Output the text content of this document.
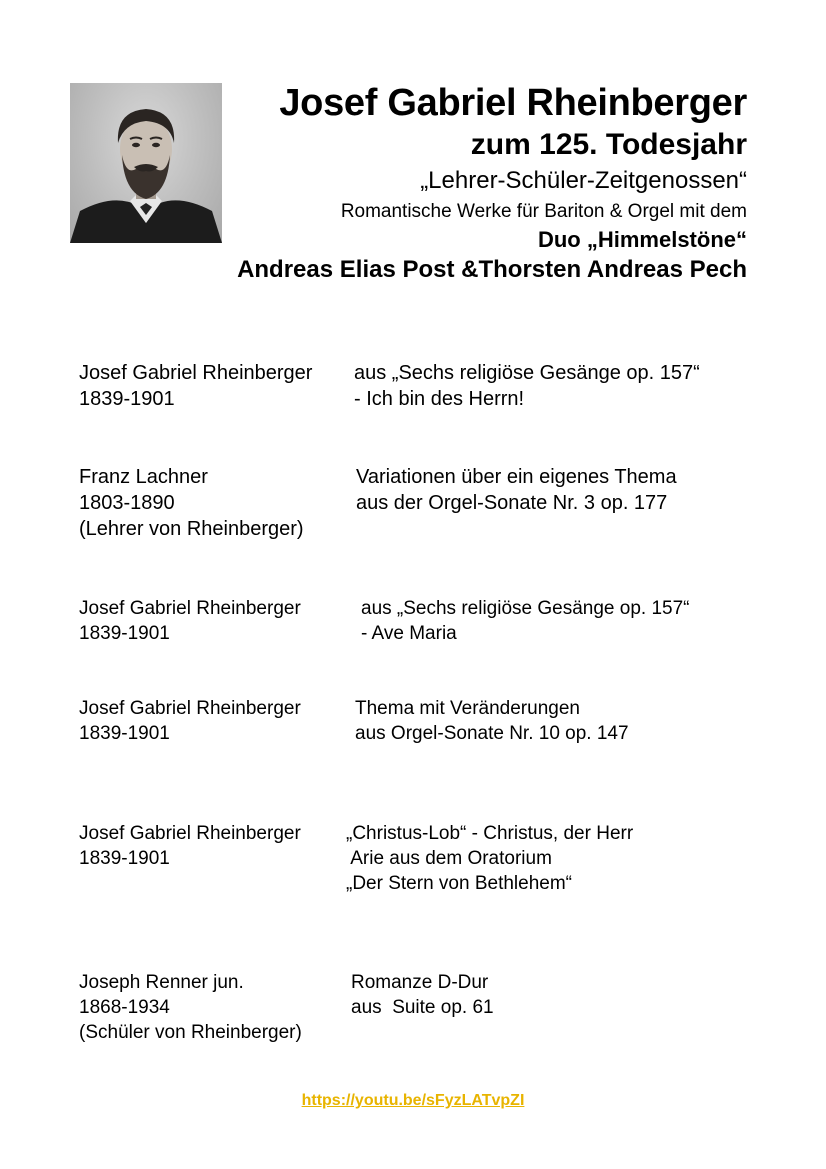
Josef Gabriel Rheinberger
zum 125. Todesjahr
„Lehrer-Schüler-Zeitgenossen“
Romantische Werke für Bariton & Orgel mit dem
Duo „Himmelstöne“
Andreas Elias Post &Thorsten Andreas Pech
Josef Gabriel Rheinberger
1839-1901
aus „Sechs religiöse Gesänge op. 157“
- Ich bin des Herrn!
Franz Lachner
1803-1890
(Lehrer von Rheinberger)
Variationen über ein eigenes Thema
aus der Orgel-Sonate Nr. 3 op. 177
Josef Gabriel Rheinberger
1839-1901
aus „Sechs religiöse Gesänge op. 157“
- Ave Maria
Josef Gabriel Rheinberger
1839-1901
Thema mit Veränderungen
aus Orgel-Sonate Nr. 10 op. 147
Josef Gabriel Rheinberger
1839-1901
„Christus-Lob“ - Christus, der Herr
Arie aus dem Oratorium
„Der Stern von Bethlehem“
Joseph Renner jun.
1868-1934
(Schüler von Rheinberger)
Romanze D-Dur
aus  Suite op. 61
https://youtu.be/sFyzLATvpZI
